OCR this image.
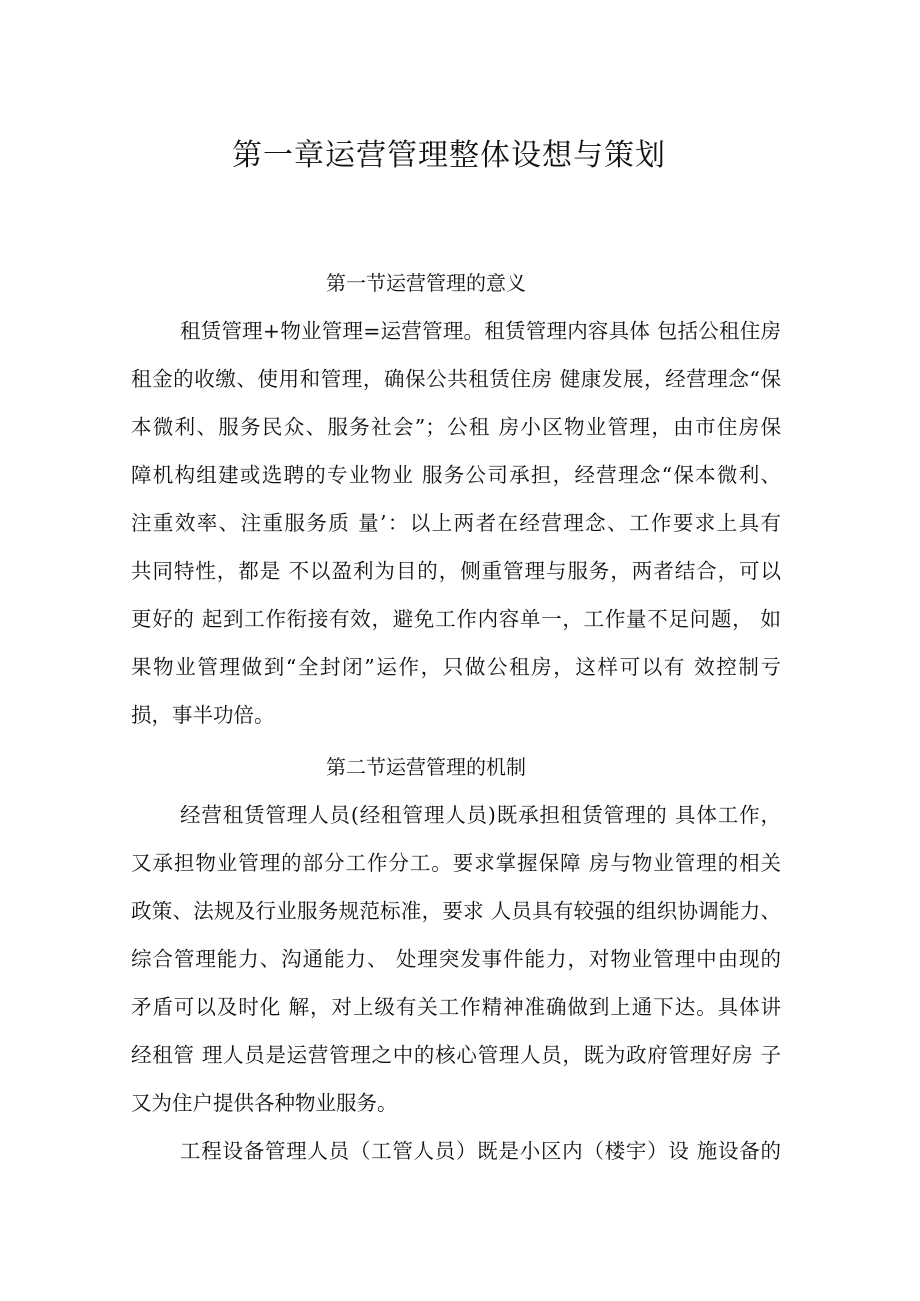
第一章运营管理整体设想与策划
第一节运营管理的意义
租赁管理+物业管理=运营管理。租赁管理内容具体 包括公租住房
租金的收缴、使用和管理，确保公共租赁住房 健康发展，经营理念“保
本微利、服务民众、服务社会”；公租 房小区物业管理，由市住房保
障机构组建或选聘的专业物业 服务公司承担，经营理念“保本微利、
注重效率、注重服务质 量’：以上两者在经营理念、工作要求上具有
共同特性，都是 不以盈利为目的，侧重管理与服务，两者结合，可以
更好的 起到工作衔接有效，避免工作内容单一，工作量不足问题， 如
果物业管理做到“全封闭”运作，只做公租房，这样可以有 效控制亏
损，事半功倍。
第二节运营管理的机制
经营租赁管理人员(经租管理人员)既承担租赁管理的 具体工作，
又承担物业管理的部分工作分工。要求掌握保障 房与物业管理的相关
政策、法规及行业服务规范标准，要求 人员具有较强的组织协调能力、
综合管理能力、沟通能力、 处理突发事件能力，对物业管理中由现的
矛盾可以及时化 解，对上级有关工作精神准确做到上通下达。具体讲
经租管 理人员是运营管理之中的核心管理人员，既为政府管理好房 子
又为住户提供各种物业服务。
工程设备管理人员（工管人员）既是小区内（楼宇）设 施设备的
